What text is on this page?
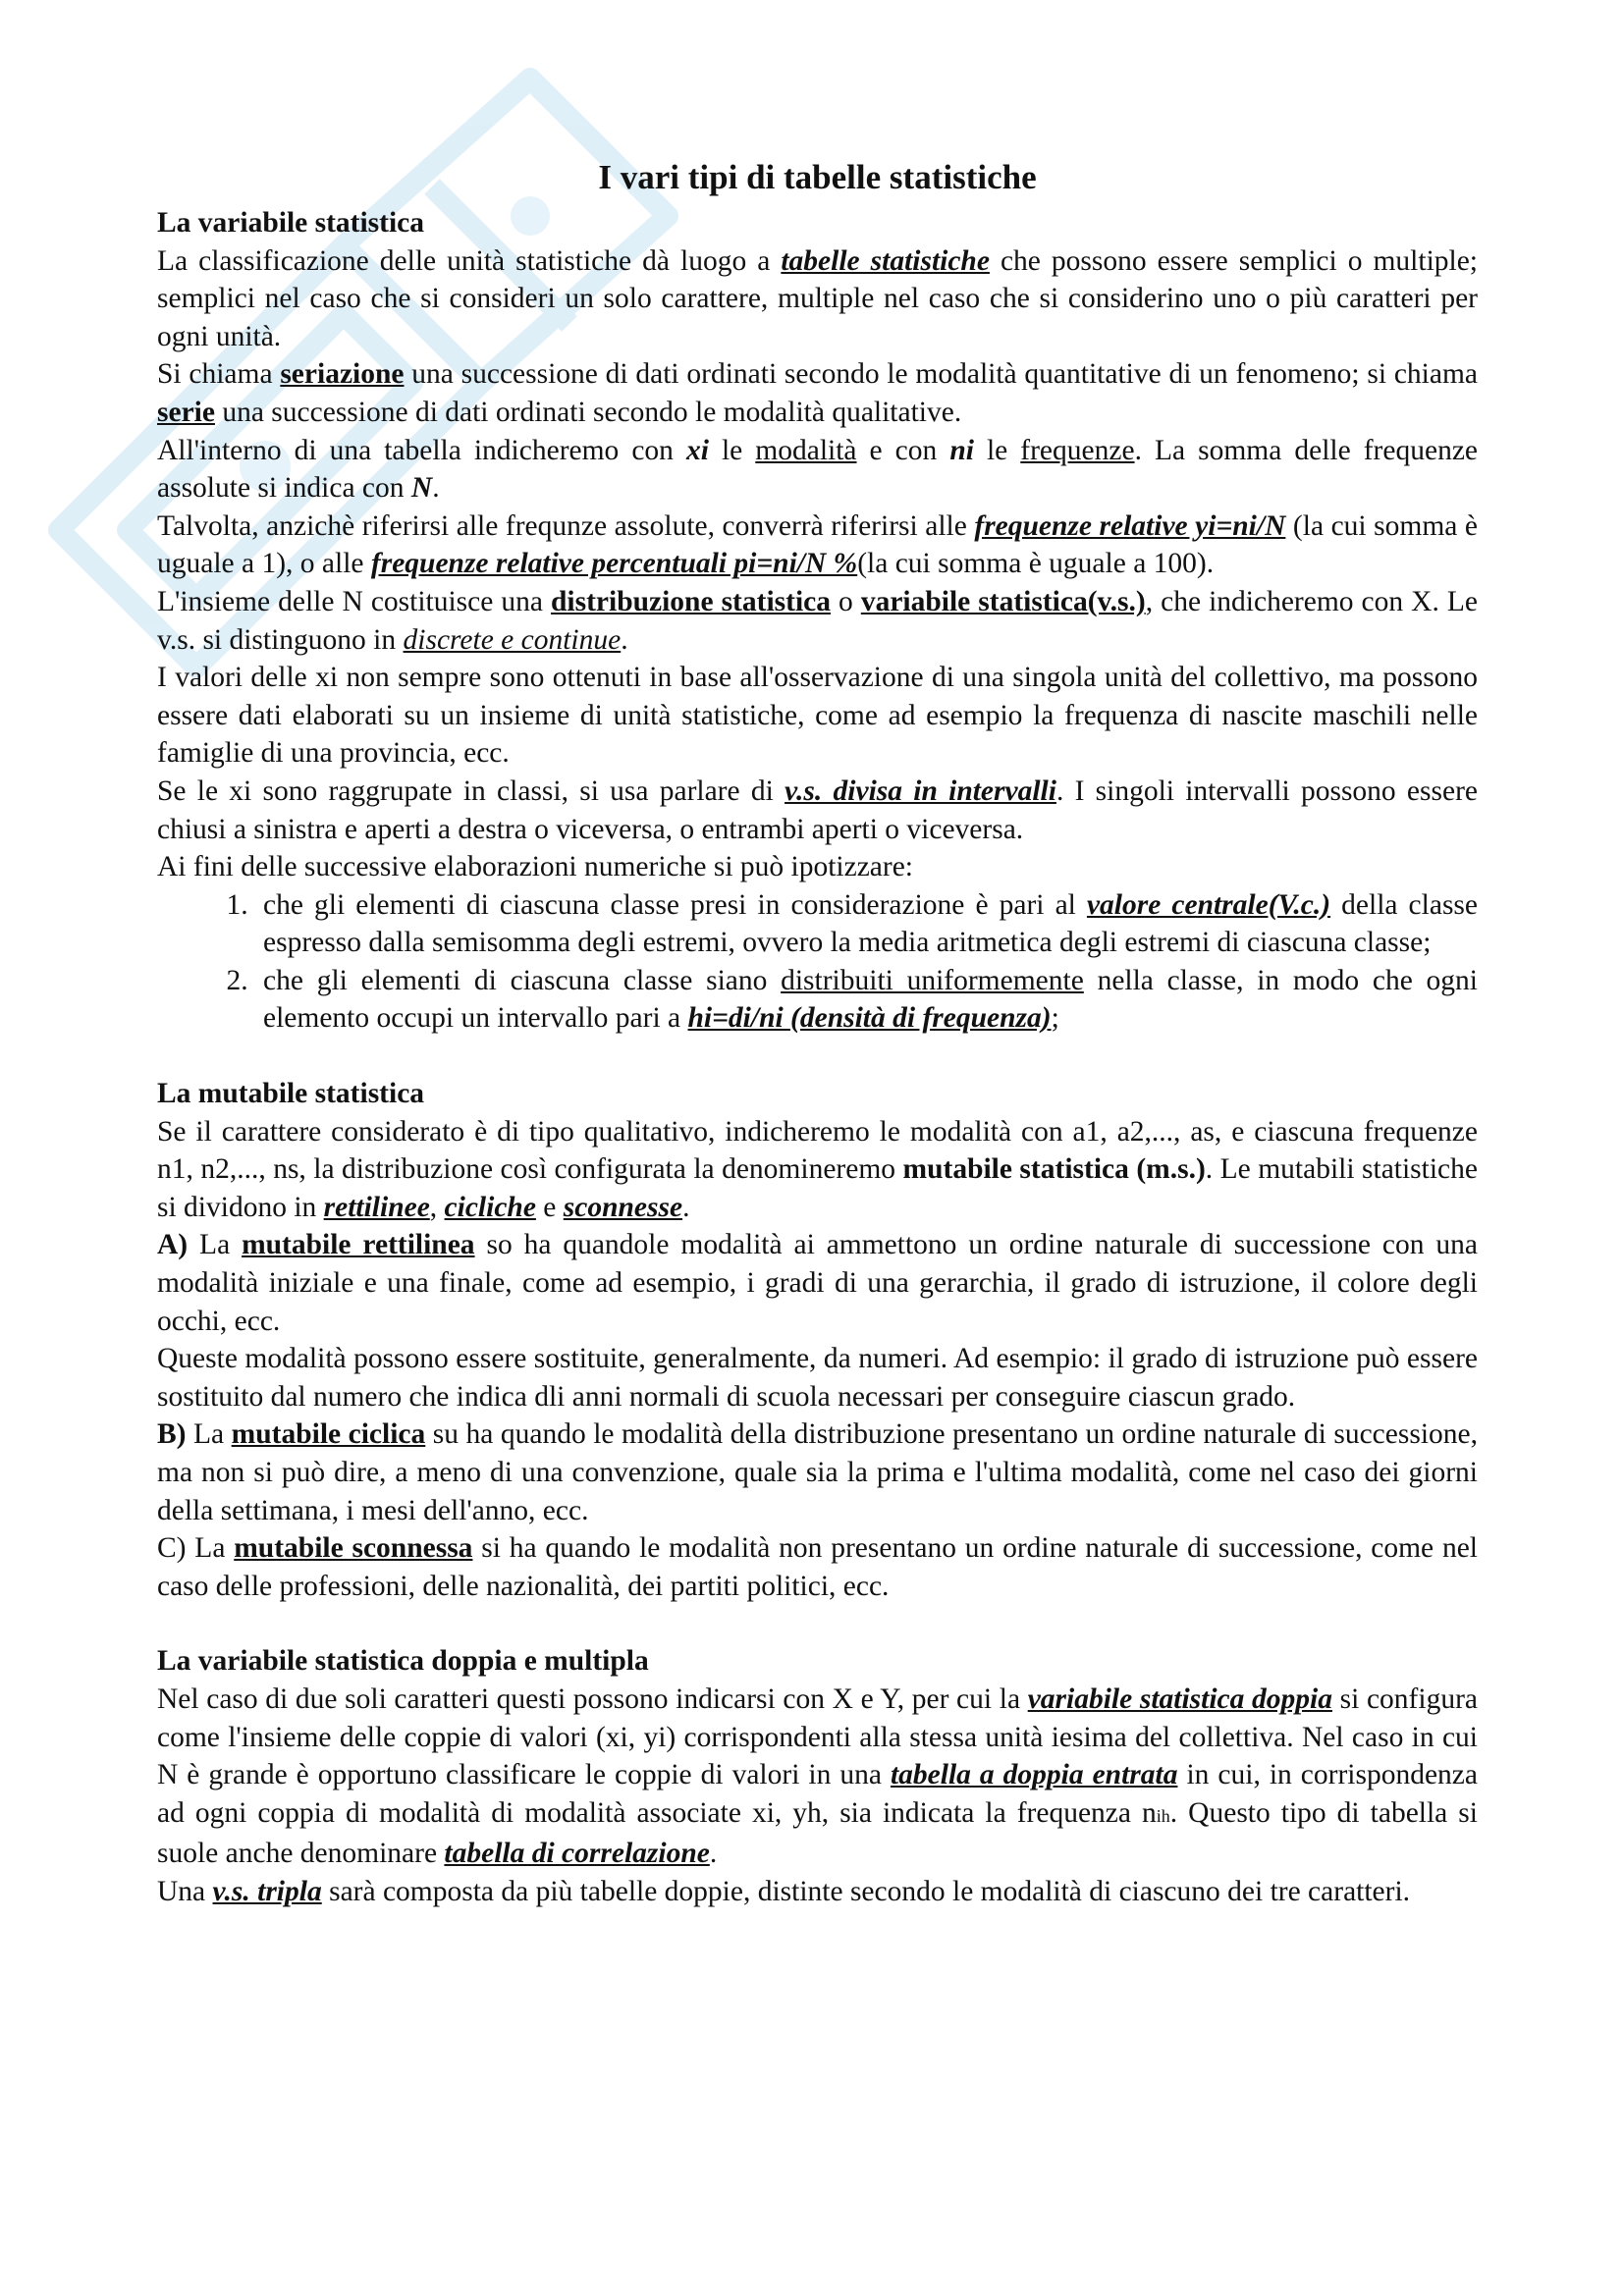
I vari tipi di tabelle statistiche
La variabile statistica

La classificazione delle unità statistiche dà luogo a tabelle statistiche che possono essere semplici o multiple; semplici nel caso che si consideri un solo carattere, multiple nel caso che si considerino uno o più caratteri per ogni unità.

Si chiama seriazione una successione di dati ordinati secondo le modalità quantitative di un fenomeno; si chiama serie una successione di dati ordinati secondo le modalità qualitative.

All'interno di una tabella indicheremo con xi le modalità e con ni le frequenze. La somma delle frequenze assolute si indica con N.

Talvolta, anzichè riferirsi alle frequnze assolute, converrà riferirsi alle frequenze relative yi=ni/N (la cui somma è uguale a 1), o alle frequenze relative percentuali pi=ni/N %(la cui somma è uguale a 100).

L'insieme delle N costituisce una distribuzione statistica o variabile statistica(v.s.), che indicheremo con X. Le v.s. si distinguono in discrete e continue.

I valori delle xi non sempre sono ottenuti in base all'osservazione di una singola unità del collettivo, ma possono essere dati elaborati su un insieme di unità statistiche, come ad esempio la frequenza di nascite maschili nelle famiglie di una provincia, ecc.

Se le xi sono raggrupate in classi, si usa parlare di v.s. divisa in intervalli. I singoli intervalli possono essere chiusi a sinistra e aperti a destra o viceversa, o entrambi aperti o viceversa.

Ai fini delle successive elaborazioni numeriche si può ipotizzare:

1. che gli elementi di ciascuna classe presi in considerazione è pari al valore centrale(V.c.) della classe espresso dalla semisomma degli estremi, ovvero la media aritmetica degli estremi di ciascuna classe;
2. che gli elementi di ciascuna classe siano distribuiti uniformemente nella classe, in modo che ogni elemento occupi un intervallo pari a hi=di/ni (densità di frequenza);
La mutabile statistica

Se il carattere considerato è di tipo qualitativo, indicheremo le modalità con a1, a2,..., as, e ciascuna frequenze n1, n2,..., ns, la distribuzione così configurata la denomineremo mutabile statistica (m.s.). Le mutabili statistiche si dividono in rettilinee, cicliche e sconnesse.

A) La mutabile rettilinea so ha quandole modalità ai ammettono un ordine naturale di successione con una modalità iniziale e una finale, come ad esempio, i gradi di una gerarchia, il grado di istruzione, il colore degli occhi, ecc.

Queste modalità possono essere sostituite, generalmente, da numeri. Ad esempio: il grado di istruzione può essere sostituito dal numero che indica dli anni normali di scuola necessari per conseguire ciascun grado.

B) La mutabile ciclica su ha quando le modalità della distribuzione presentano un ordine naturale di successione, ma non si può dire, a meno di una convenzione, quale sia la prima e l'ultima modalità, come nel caso dei giorni della settimana, i mesi dell'anno, ecc.

C) La mutabile sconnessa si ha quando le modalità non presentano un ordine naturale di successione, come nel caso delle professioni, delle nazionalità, dei partiti politici, ecc.

La variabile statistica doppia e multipla

Nel caso di due soli caratteri questi possono indicarsi con X e Y, per cui la variabile statistica doppia si configura come l'insieme delle coppie di valori (xi, yi) corrispondenti alla stessa unità iesima del collettiva. Nel caso in cui N è grande è opportuno classificare le coppie di valori in una tabella a doppia entrata in cui, in corrispondenza ad ogni coppia di modalità di modalità associate xi, yh, sia indicata la frequenza nih. Questo tipo di tabella si suole anche denominare tabella di correlazione.

Una v.s. tripla sarà composta da più tabelle doppie, distinte secondo le modalità di ciascuno dei tre caratteri.
